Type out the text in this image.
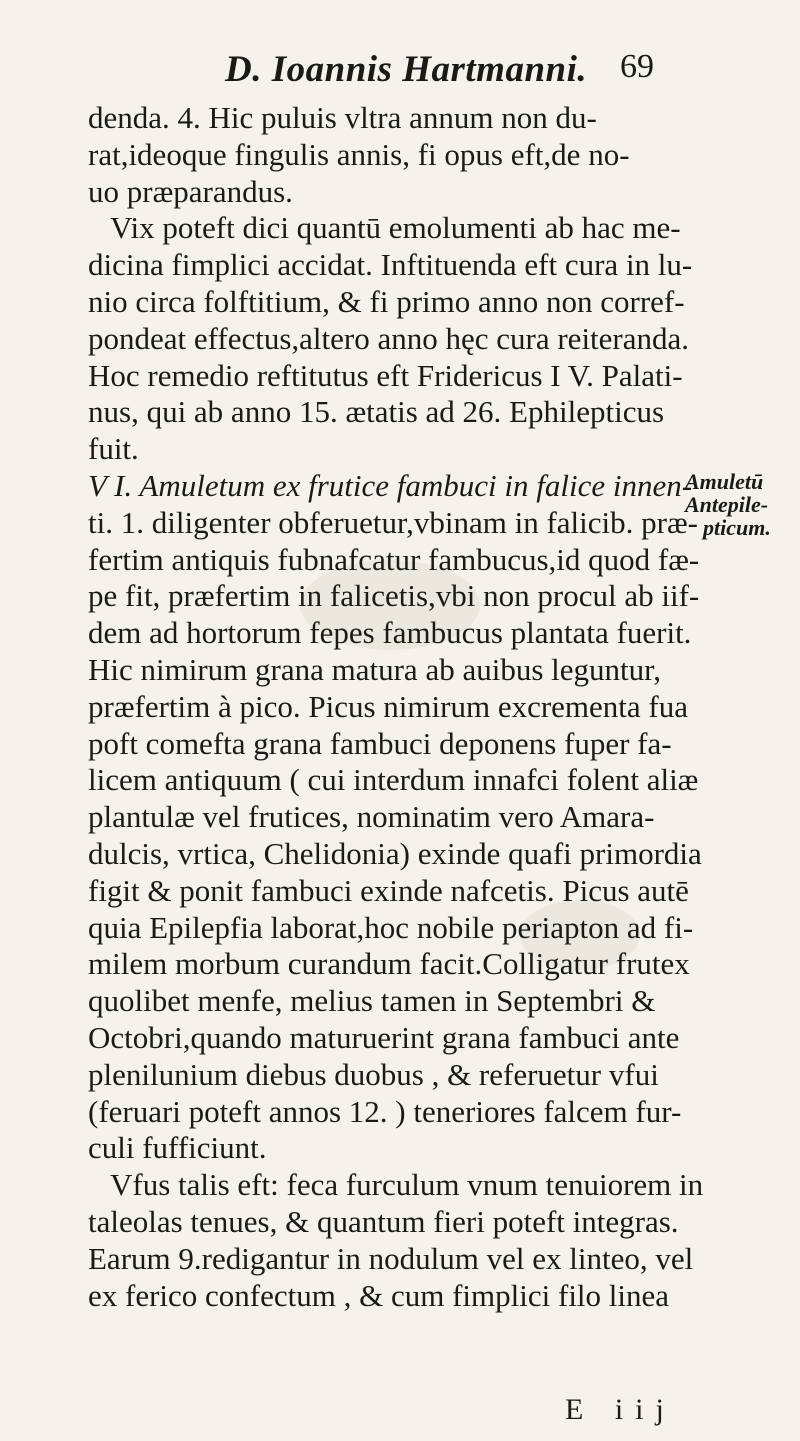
D. Ioannis Hartmanni. 69
denda. 4. Hic puluis vltra annum non du-
rat,ideoque fingulis annis, fi opus eft,de no-
uo præparandus.
Vix poteft dici quantū emolumenti ab hac me-
dicina fimplici accidat. Inftituenda eft cura in lu-
nio circa folftitium, & fi primo anno non corref-
pondeat effectus,altero anno hęc cura reiteranda.
Hoc remedio reftitutus eft Fridericus I V. Palati-
nus, qui ab anno 15. ætatis ad 26. Ephilepticus
fuit.
V I. Amuletum ex frutice fambuci in falice innen-
ti. 1. diligenter obferuetur,vbinam in falicib. præ-
fertim antiquis fubnafcatur fambucus,id quod fæ-
pe fit, præfertim in falicetis,vbi non procul ab iif-
dem ad hortorum fepes fambucus plantata fuerit.
Hic nimirum grana matura ab auibus leguntur,
præfertim à pico. Picus nimirum excrementa fua
poft comefta grana fambuci deponens fuper fa-
licem antiquum ( cui interdum innafci folent aliæ
plantulæ vel frutices, nominatim vero Amara-
dulcis, vrtica, Chelidonia) exinde quafi primordia
figit & ponit fambuci exinde nafcetis. Picus autē
quia Epilepfia laborat,hoc nobile periapton ad fi-
milem morbum curandum facit.Colligatur frutex
quolibet menfe, melius tamen in Septembri &
Octobri,quando maturuerint grana fambuci ante
plenilunium diebus duobus , & referuetur vfui
(feruari poteft annos 12. ) teneriores falcem fur-
culi fufficiunt.
Vfus talis eft: feca furculum vnum tenuiorem in
taleolas tenues, & quantum fieri poteft integras.
Earum 9.redigantur in nodulum vel ex linteo, vel
ex ferico confectum , & cum fimplici filo linea
Amuletū
Antepile-
pticum.
E iij
